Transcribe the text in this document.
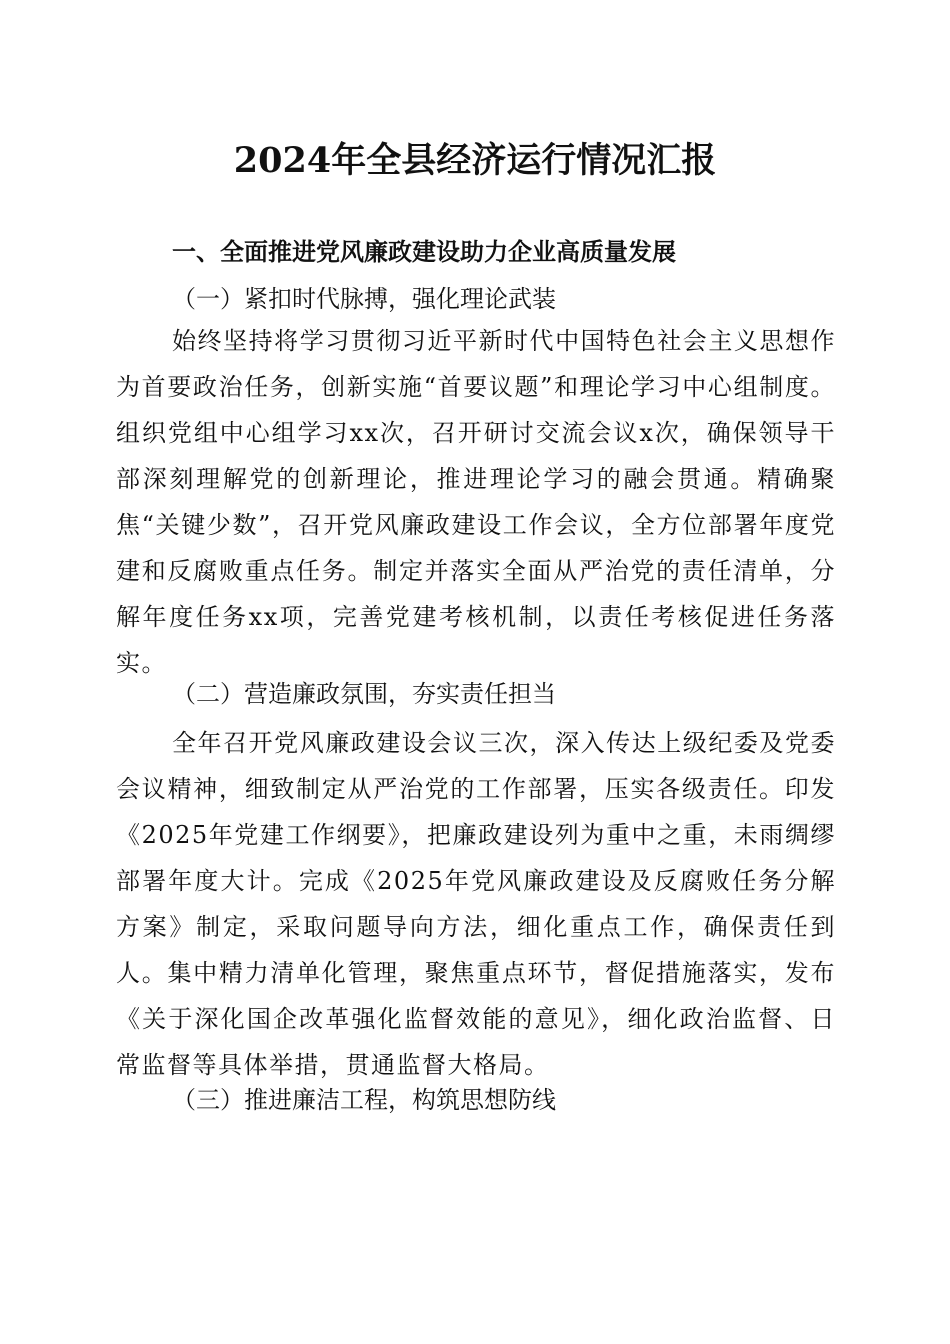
2024年全县经济运行情况汇报
一、全面推进党风廉政建设助力企业高质量发展
（一）紧扣时代脉搏，强化理论武装
始终坚持将学习贯彻习近平新时代中国特色社会主义思想作为首要政治任务，创新实施“首要议题”和理论学习中心组制度。组织党组中心组学习xx次，召开研讨交流会议x次，确保领导干部深刻理解党的创新理论，推进理论学习的融会贯通。精确聚焦“关键少数”，召开党风廉政建设工作会议，全方位部署年度党建和反腐败重点任务。制定并落实全面从严治党的责任清单，分解年度任务xx项，完善党建考核机制，以责任考核促进任务落实。
（二）营造廉政氛围，夯实责任担当
全年召开党风廉政建设会议三次，深入传达上级纪委及党委会议精神，细致制定从严治党的工作部署，压实各级责任。印发《2025年党建工作纲要》，把廉政建设列为重中之重，未雨绸缪部署年度大计。完成《2025年党风廉政建设及反腐败任务分解方案》制定，采取问题导向方法，细化重点工作，确保责任到人。集中精力清单化管理，聚焦重点环节，督促措施落实，发布《关于深化国企改革强化监督效能的意见》，细化政治监督、日常监督等具体举措，贯通监督大格局。
（三）推进廉洁工程，构筑思想防线
